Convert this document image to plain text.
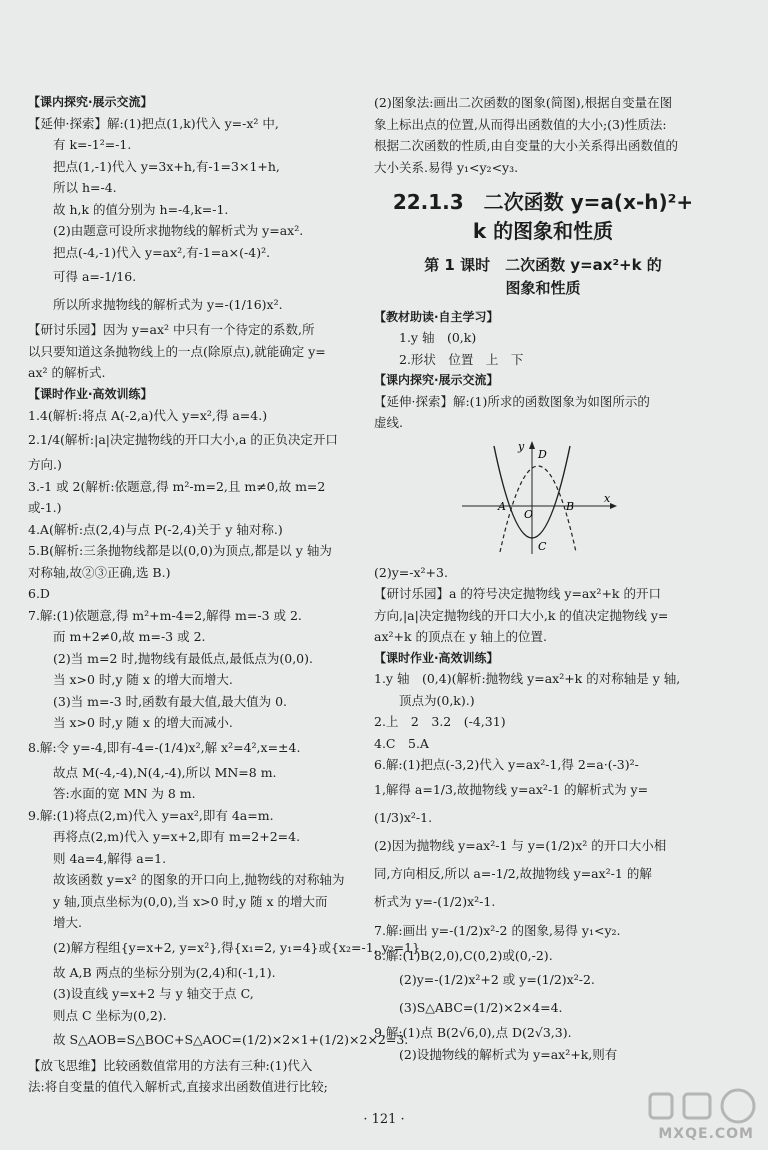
【课内探究·展示交流】

【延伸·探索】解:(1)把点(1,k)代入 y=-x² 中,

有 k=-1²=-1.

把点(1,-1)代入 y=3x+h,有-1=3×1+h,

所以 h=-4.

故 h,k 的值分别为 h=-4,k=-1.

(2)由题意可设所求抛物线的解析式为 y=ax².

把点(-4,-1)代入 y=ax²,有-1=a×(-4)².

可得 a=-1/16.

所以所求抛物线的解析式为 y=-(1/16)x².

【研讨乐园】因为 y=ax² 中只有一个待定的系数,所

以只要知道这条抛物线上的一点(除原点),就能确定 y=

ax² 的解析式.

【课时作业·高效训练】

1.4(解析:将点 A(-2,a)代入 y=x²,得 a=4.)

2.1/4(解析:|a|决定抛物线的开口大小,a 的正负决定开口

方向.)

3.-1 或 2(解析:依题意,得 m²-m=2,且 m≠0,故 m=2

或-1.)

4.A(解析:点(2,4)与点 P(-2,4)关于 y 轴对称.)

5.B(解析:三条抛物线都是以(0,0)为顶点,都是以 y 轴为

对称轴,故②③正确,选 B.)

6.D

7.解:(1)依题意,得 m²+m-4=2,解得 m=-3 或 2.

而 m+2≠0,故 m=-3 或 2.

(2)当 m=2 时,抛物线有最低点,最低点为(0,0).

当 x>0 时,y 随 x 的增大而增大.

(3)当 m=-3 时,函数有最大值,最大值为 0.

当 x>0 时,y 随 x 的增大而减小.

8.解:令 y=-4,即有-4=-(1/4)x²,解 x²=4²,x=±4.

故点 M(-4,-4),N(4,-4),所以 MN=8 m.

答:水面的宽 MN 为 8 m.

9.解:(1)将点(2,m)代入 y=ax²,即有 4a=m.

再将点(2,m)代入 y=x+2,即有 m=2+2=4.

则 4a=4,解得 a=1.

故该函数 y=x² 的图象的开口向上,抛物线的对称轴为

y 轴,顶点坐标为(0,0),当 x>0 时,y 随 x 的增大而

增大.

(2)解方程组{y=x+2, y=x²},得{x₁=2, y₁=4}或{x₂=-1, y₂=1}.

故 A,B 两点的坐标分别为(2,4)和(-1,1).

(3)设直线 y=x+2 与 y 轴交于点 C,

则点 C 坐标为(0,2).

故 S△AOB=S△BOC+S△AOC=(1/2)×2×1+(1/2)×2×2=3.

【放飞思维】比较函数值常用的方法有三种:(1)代入

法:将自变量的值代入解析式,直接求出函数值进行比较;

(2)图象法:画出二次函数的图象(简图),根据自变量在图

象上标出点的位置,从而得出函数值的大小;(3)性质法:

根据二次函数的性质,由自变量的大小关系得出函数值的

大小关系.易得 y₁<y₂<y₃.

22.1.3　二次函数 y=a(x-h)²+

k 的图象和性质

第 1 课时　二次函数 y=ax²+k 的

图象和性质

【教材助读·自主学习】

1.y 轴　(0,k)

2.形状　位置　上　下

【课内探究·展示交流】

【延伸·探索】解:(1)所求的函数图象为如图所示的

虚线.

y
x
D
A
O
B
C

(2)y=-x²+3.

【研讨乐园】a 的符号决定抛物线 y=ax²+k 的开口

方向,|a|决定抛物线的开口大小,k 的值决定抛物线 y=

ax²+k 的顶点在 y 轴上的位置.

【课时作业·高效训练】

1.y 轴　(0,4)(解析:抛物线 y=ax²+k 的对称轴是 y 轴,

顶点为(0,k).)

2.上　2　3.2　(-4,31)

4.C　5.A

6.解:(1)把点(-3,2)代入 y=ax²-1,得 2=a·(-3)²-

1,解得 a=1/3,故抛物线 y=ax²-1 的解析式为 y=

(1/3)x²-1.

(2)因为抛物线 y=ax²-1 与 y=(1/2)x² 的开口大小相

同,方向相反,所以 a=-1/2,故抛物线 y=ax²-1 的解

析式为 y=-(1/2)x²-1.

7.解:画出 y=-(1/2)x²-2 的图象,易得 y₁<y₂.

8.解:(1)B(2,0),C(0,2)或(0,-2).

(2)y=-(1/2)x²+2 或 y=(1/2)x²-2.

(3)S△ABC=(1/2)×2×4=4.

9.解:(1)点 B(2√6,0),点 D(2√3,3).

(2)设抛物线的解析式为 y=ax²+k,则有

· 121 ·
MXQE.COM
